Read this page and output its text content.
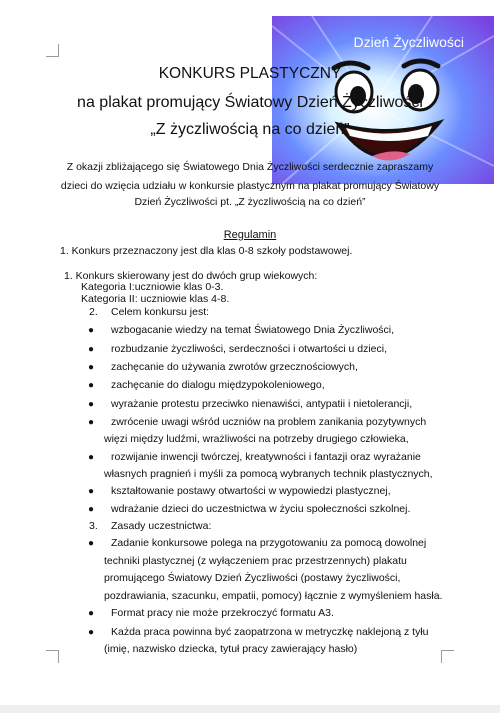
Dzień Życzliwości
KONKURS PLASTYCZNY
na plakat promujący Światowy Dzień Życzliwości
„Z życzliwością na co dzień”
Z okazji zbliżającego się Światowego Dnia Życzliwości serdecznie zapraszamy
dzieci do wzięcia udziału w konkursie plastycznym na plakat promujący Światowy
Dzień Życzliwości pt. „Z życzliwością na co dzień”
Regulamin
1. Konkurs przeznaczony jest dla klas 0-8 szkoły podstawowej.
1. Konkurs skierowany jest do dwóch grup wiekowych:
Kategoria I:uczniowie klas 0-3.
Kategoria II: uczniowie klas 4-8.
2. Celem konkursu jest:
● wzbogacanie wiedzy na temat Światowego Dnia Życzliwości,
● rozbudzanie życzliwości, serdeczności i otwartości u dzieci,
● zachęcanie do używania zwrotów grzecznościowych,
● zachęcanie do dialogu międzypokoleniowego,
● wyrażanie protestu przeciwko nienawiści, antypatii i nietolerancji,
● zwrócenie uwagi wśród uczniów na problem zanikania pozytywnych
więzi między ludźmi, wrażliwości na potrzeby drugiego człowieka,
● rozwijanie inwencji twórczej, kreatywności i fantazji oraz wyrażanie
własnych pragnień i myśli za pomocą wybranych technik plastycznych,
● kształtowanie postawy otwartości w wypowiedzi plastycznej,
● wdrażanie dzieci do uczestnictwa w życiu społeczności szkolnej.
3. Zasady uczestnictwa:
● Zadanie konkursowe polega na przygotowaniu za pomocą dowolnej
techniki plastycznej (z wyłączeniem prac przestrzennych) plakatu
promującego Światowy Dzień Życzliwości (postawy życzliwości,
pozdrawiania, szacunku, empatii, pomocy) łącznie z wymyśleniem hasła.
● Format pracy nie może przekroczyć formatu A3.
● Każda praca powinna być zaopatrzona w metryczkę naklejoną z tyłu
(imię, nazwisko dziecka, tytuł pracy zawierający hasło)
